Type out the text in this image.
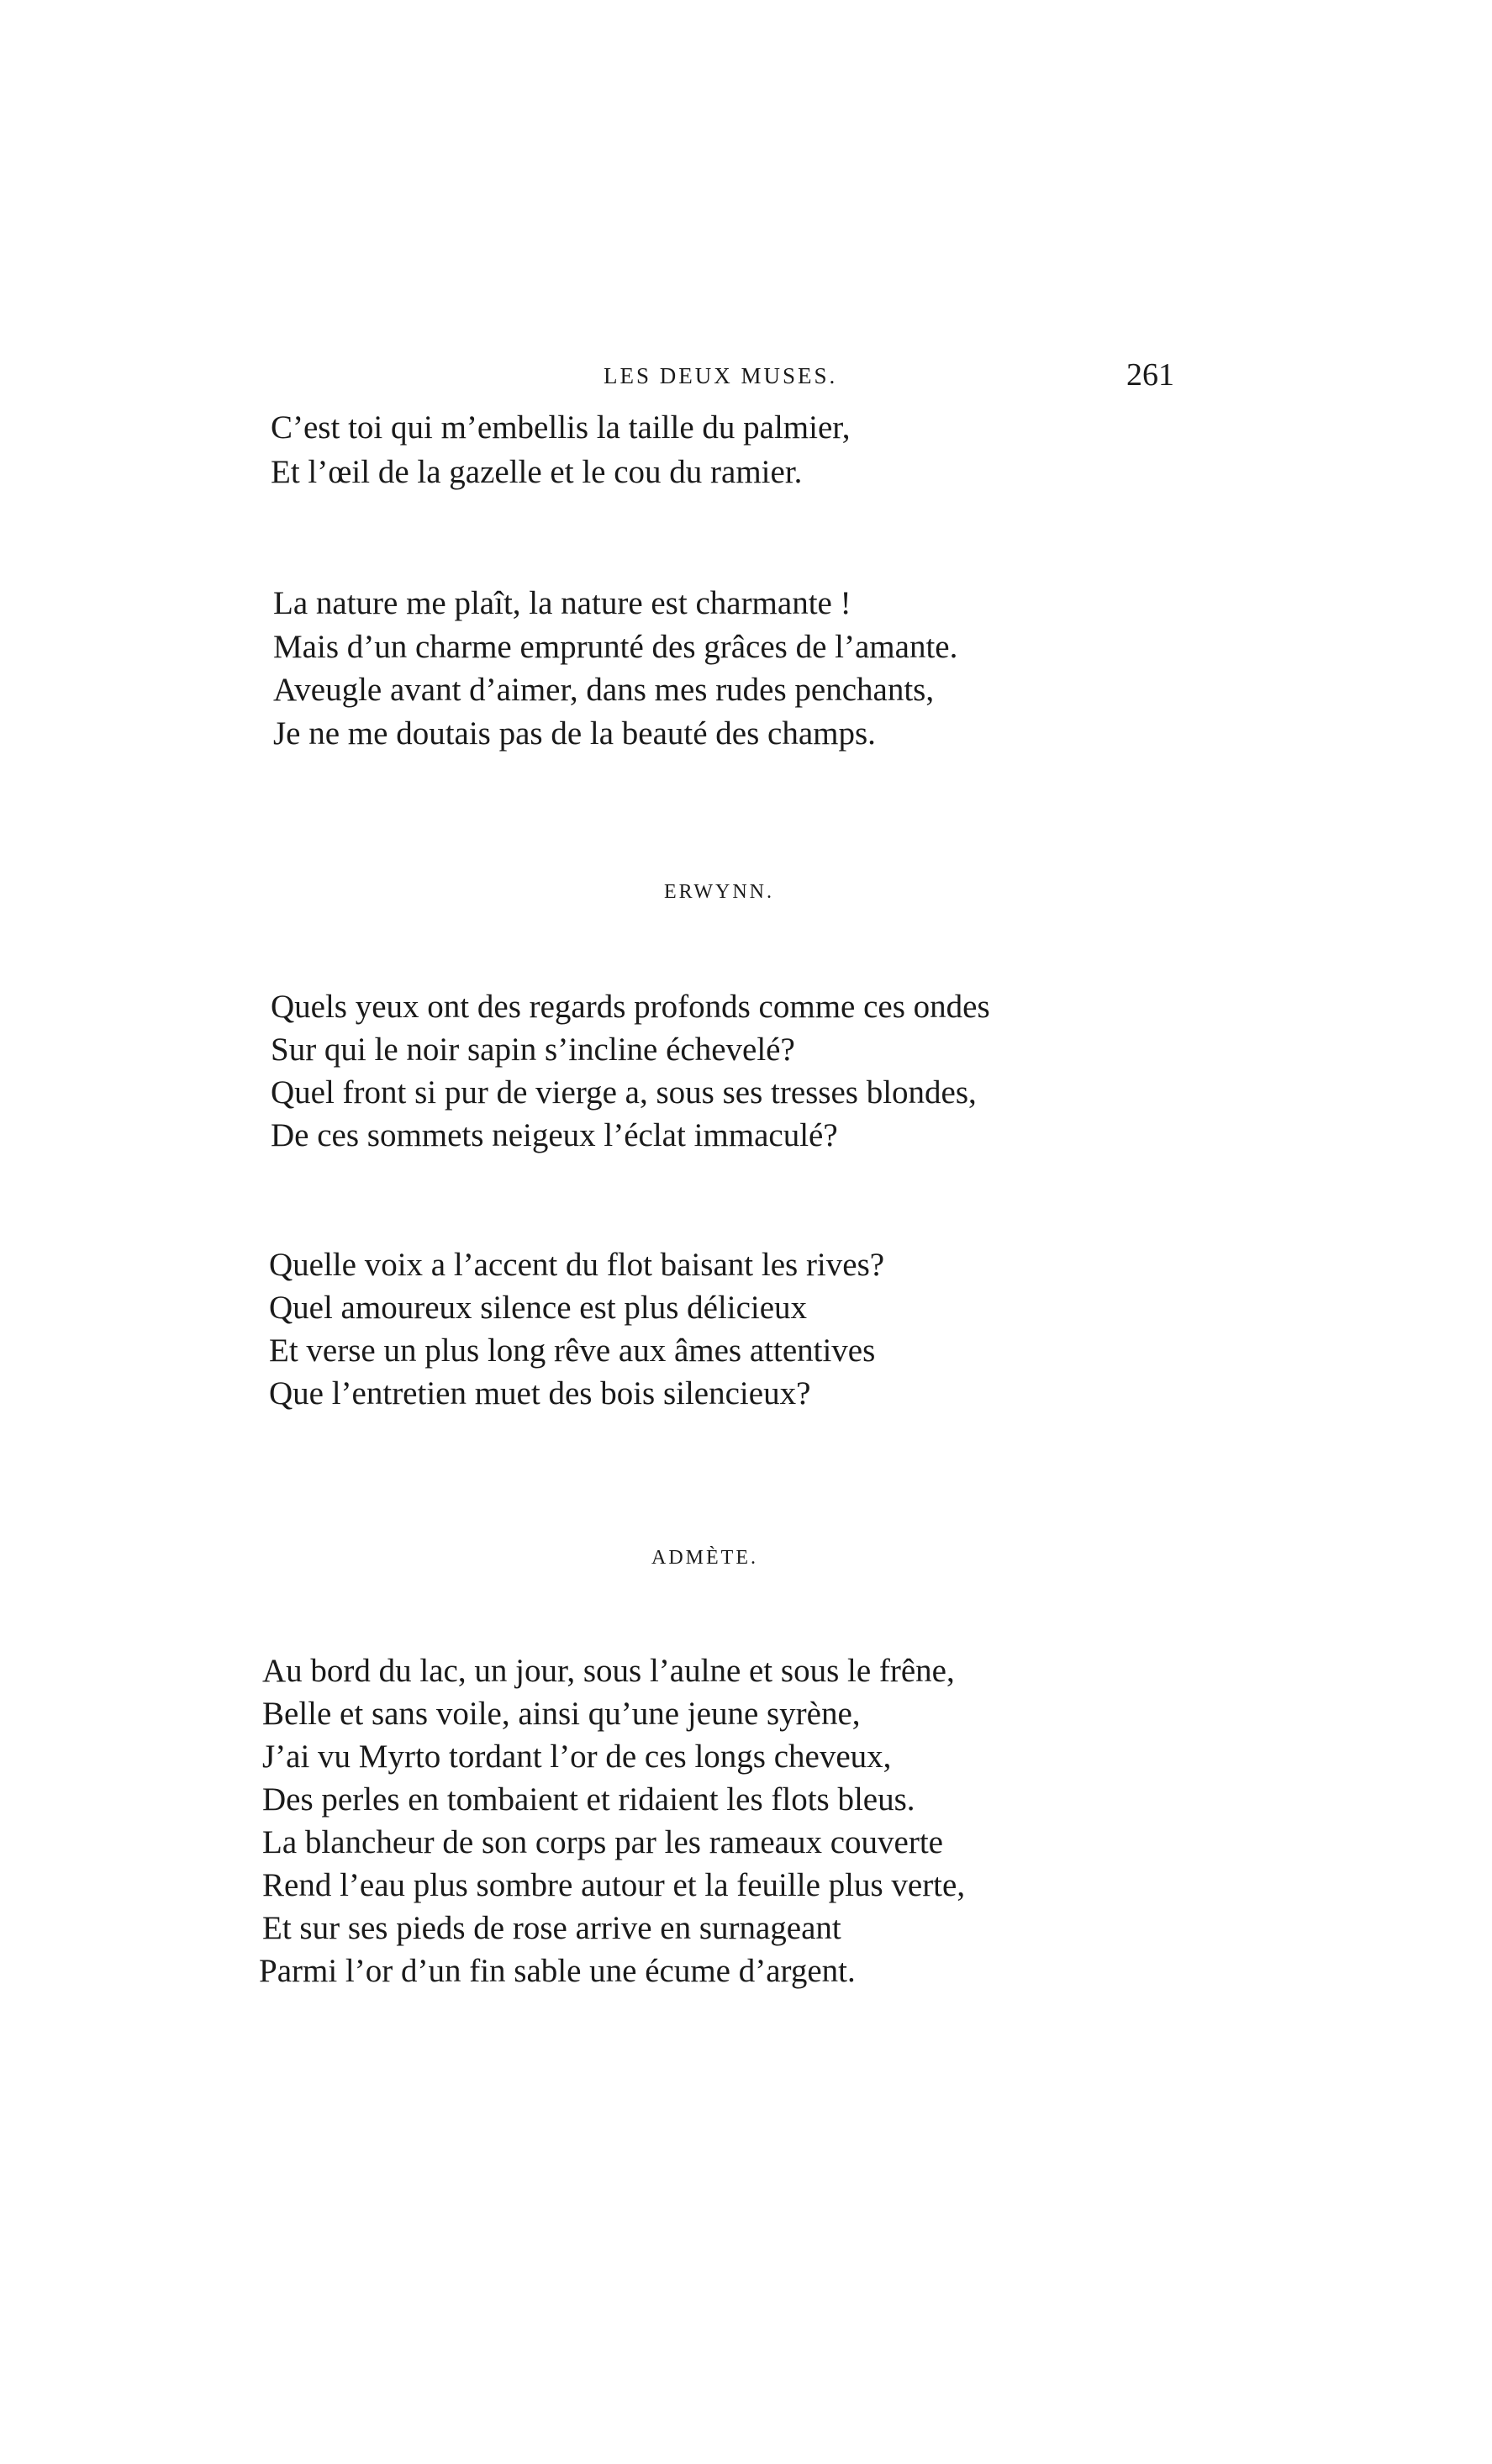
LES DEUX MUSES.	261
C’est toi qui m’embellis la taille du palmier,
Et l’œil de la gazelle et le cou du ramier.
La nature me plaît, la nature est charmante !
Mais d’un charme emprunté des grâces de l’amante.
Aveugle avant d’aimer, dans mes rudes penchants,
Je ne me doutais pas de la beauté des champs.
ERWYNN.
Quels yeux ont des regards profonds comme ces ondes
Sur qui le noir sapin s’incline échevelé?
Quel front si pur de vierge a, sous ses tresses blondes,
De ces sommets neigeux l’éclat immaculé?
Quelle voix a l’accent du flot baisant les rives?
Quel amoureux silence est plus délicieux
Et verse un plus long rêve aux âmes attentives
Que l’entretien muet des bois silencieux?
ADMÈTE.
Au bord du lac, un jour, sous l’aulne et sous le frêne,
Belle et sans voile, ainsi qu’une jeune syrène,
J’ai vu Myrto tordant l’or de ces longs cheveux,
Des perles en tombaient et ridaient les flots bleus.
La blancheur de son corps par les rameaux couverte
Rend l’eau plus sombre autour et la feuille plus verte,
Et sur ses pieds de rose arrive en surnageant
Parmi l’or d’un fin sable une écume d’argent.
